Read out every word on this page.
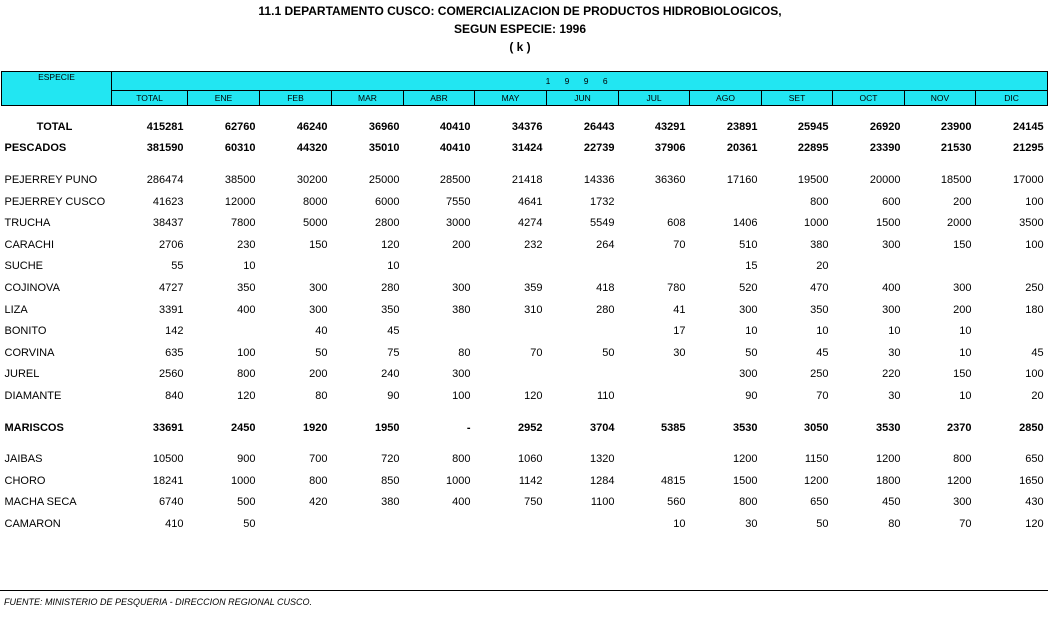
11.1 DEPARTAMENTO CUSCO: COMERCIALIZACION DE PRODUCTOS HIDROBIOLOGICOS,
SEGUN ESPECIE: 1996
( k )
ESPECIE	1 9 9 6												
	TOTAL	ENE	FEB	MAR	ABR	MAY	JUN	JUL	AGO	SET	OCT	NOV	DIC

TOTAL	415281	62760	46240	36960	40410	34376	26443	43291	23891	25945	26920	23900	24145
PESCADOS	381590	60310	44320	35010	40410	31424	22739	37906	20361	22895	23390	21530	21295

PEJERREY PUNO	286474	38500	30200	25000	28500	21418	14336	36360	17160	19500	20000	18500	17000
PEJERREY CUSCO	41623	12000	8000	6000	7550	4641	1732			800	600	200	100
TRUCHA	38437	7800	5000	2800	3000	4274	5549	608	1406	1000	1500	2000	3500
CARACHI	2706	230	150	120	200	232	264	70	510	380	300	150	100
SUCHE	55	10		10					15	20			
COJINOVA	4727	350	300	280	300	359	418	780	520	470	400	300	250
LIZA	3391	400	300	350	380	310	280	41	300	350	300	200	180
BONITO	142		40	45				17	10	10	10	10	
CORVINA	635	100	50	75	80	70	50	30	50	45	30	10	45
JUREL	2560	800	200	240	300				300	250	220	150	100
DIAMANTE	840	120	80	90	100	120	110		90	70	30	10	20

MARISCOS	33691	2450	1920	1950	-	2952	3704	5385	3530	3050	3530	2370	2850

JAIBAS	10500	900	700	720	800	1060	1320		1200	1150	1200	800	650
CHORO	18241	1000	800	850	1000	1142	1284	4815	1500	1200	1800	1200	1650
MACHA SECA	6740	500	420	380	400	750	1100	560	800	650	450	300	430
CAMARON	410	50						10	30	50	80	70	120
FUENTE: MINISTERIO DE PESQUERIA - DIRECCION REGIONAL CUSCO.
